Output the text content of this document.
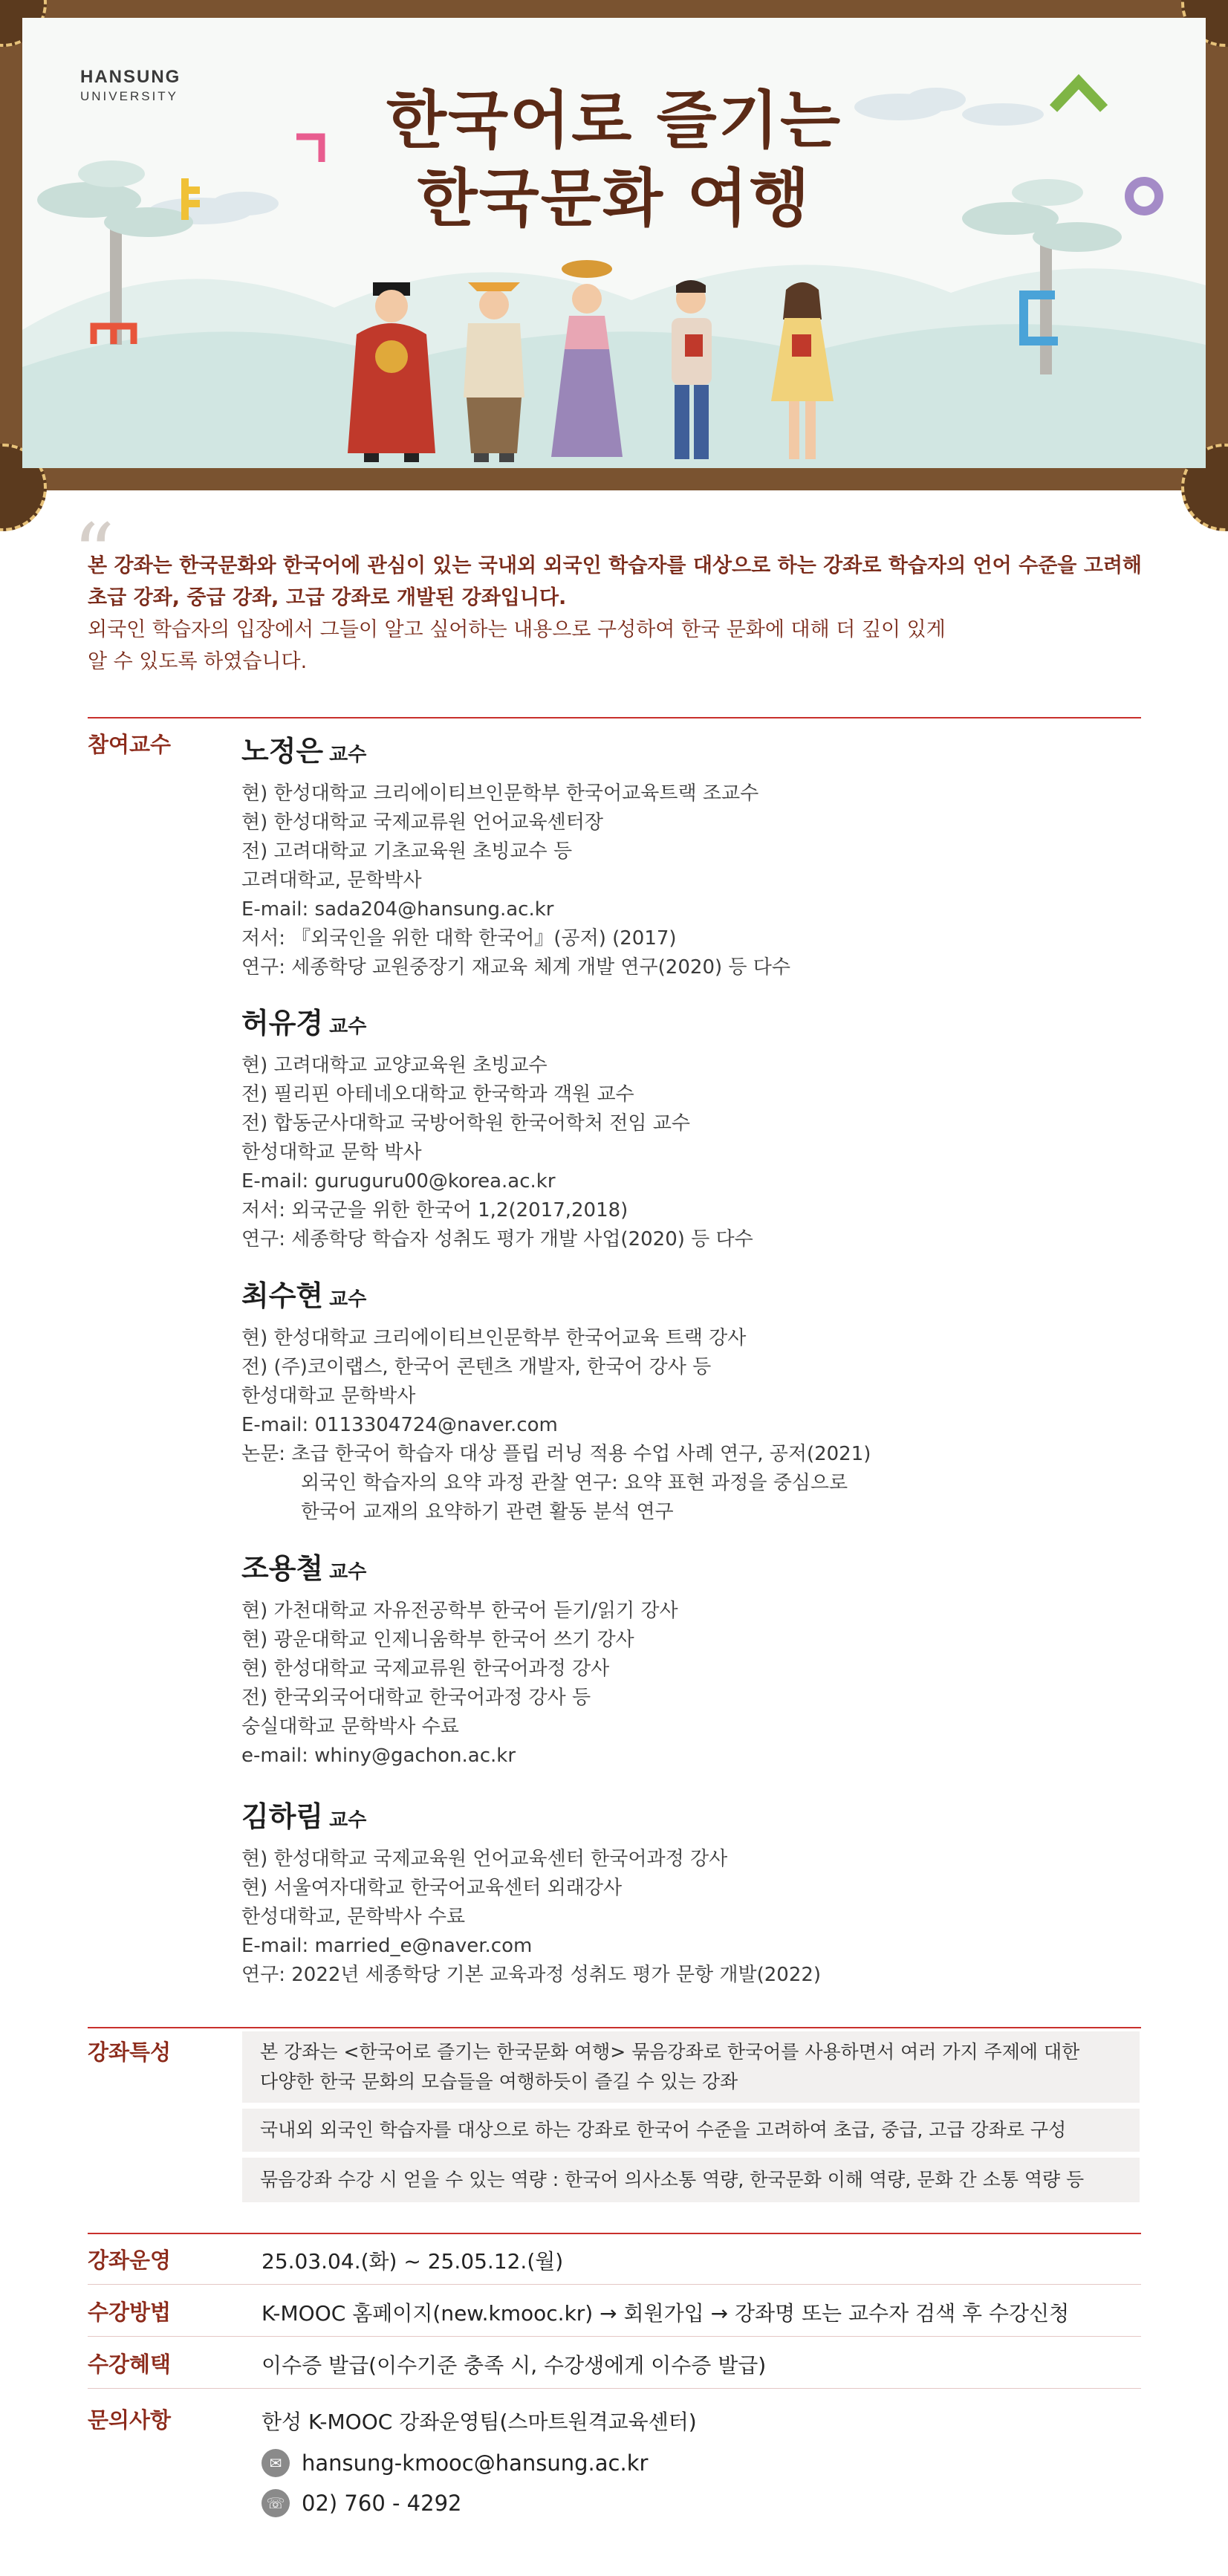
HANSUNG
UNIVERSITY	한국어로 즐기는
한국문화 여행
“
본 강좌는 한국문화와 한국어에 관심이 있는 국내외 외국인 학습자를 대상으로 하는 강좌로 학습자의 언어 수준을 고려해 초급 강좌, 중급 강좌, 고급 강좌로 개발된 강좌입니다.
외국인 학습자의 입장에서 그들이 알고 싶어하는 내용으로 구성하여 한국 문화에 대해 더 깊이 있게
알 수 있도록 하였습니다.
참여교수 노정은 교수
현) 한성대학교 크리에이티브인문학부 한국어교육트랙 조교수
현) 한성대학교 국제교류원 언어교육센터장
전) 고려대학교 기초교육원 초빙교수 등
고려대학교, 문학박사
E-mail: sada204@hansung.ac.kr
저서: 『외국인을 위한 대학 한국어』(공저) (2017)
연구: 세종학당 교원중장기 재교육 체계 개발 연구(2020) 등 다수
허유경 교수
현) 고려대학교 교양교육원 초빙교수
전) 필리핀 아테네오대학교 한국학과 객원 교수
전) 합동군사대학교 국방어학원 한국어학처 전임 교수
한성대학교 문학 박사
E-mail: guruguru00@korea.ac.kr
저서: 외국군을 위한 한국어 1,2(2017,2018)
연구: 세종학당 학습자 성취도 평가 개발 사업(2020) 등 다수
최수현 교수
현) 한성대학교 크리에이티브인문학부 한국어교육 트랙 강사
전) (주)코이랩스, 한국어 콘텐츠 개발자, 한국어 강사 등
한성대학교 문학박사
E-mail: 0113304724@naver.com
논문: 초급 한국어 학습자 대상 플립 러닝 적용 수업 사례 연구, 공저(2021)
외국인 학습자의 요약 과정 관찰 연구: 요약 표현 과정을 중심으로
한국어 교재의 요약하기 관련 활동 분석 연구
조용철 교수
현) 가천대학교 자유전공학부 한국어 듣기/읽기 강사
현) 광운대학교 인제니움학부 한국어 쓰기 강사
현) 한성대학교 국제교류원 한국어과정 강사
전) 한국외국어대학교 한국어과정 강사 등
숭실대학교 문학박사 수료
e-mail: whiny@gachon.ac.kr
김하림 교수
현) 한성대학교 국제교육원 언어교육센터 한국어과정 강사
현) 서울여자대학교 한국어교육센터 외래강사
한성대학교, 문학박사 수료
E-mail: married_e@naver.com
연구: 2022년 세종학당 기본 교육과정 성취도 평가 문항 개발(2022)
강좌특성	본 강좌는 <한국어로 즐기는 한국문화 여행> 묶음강좌로 한국어를 사용하면서 여러 가지 주제에 대한
다양한 한국 문화의 모습들을 여행하듯이 즐길 수 있는 강좌
국내외 외국인 학습자를 대상으로 하는 강좌로 한국어 수준을 고려하여 초급, 중급, 고급 강좌로 구성
묶음강좌 수강 시 얻을 수 있는 역량 : 한국어 의사소통 역량, 한국문화 이해 역량, 문화 간 소통 역량 등
강좌운영	25.03.04.(화) ~ 25.05.12.(월)
수강방법	K-MOOC 홈페이지(new.kmooc.kr) → 회원가입 → 강좌명 또는 교수자 검색 후 수강신청
수강혜택	이수증 발급(이수기준 충족 시, 수강생에게 이수증 발급)
문의사항	한성 K-MOOC 강좌운영팀(스마트원격교육센터)
✉ hansung-kmooc@hansung.ac.kr
☏ 02) 760 - 4292
